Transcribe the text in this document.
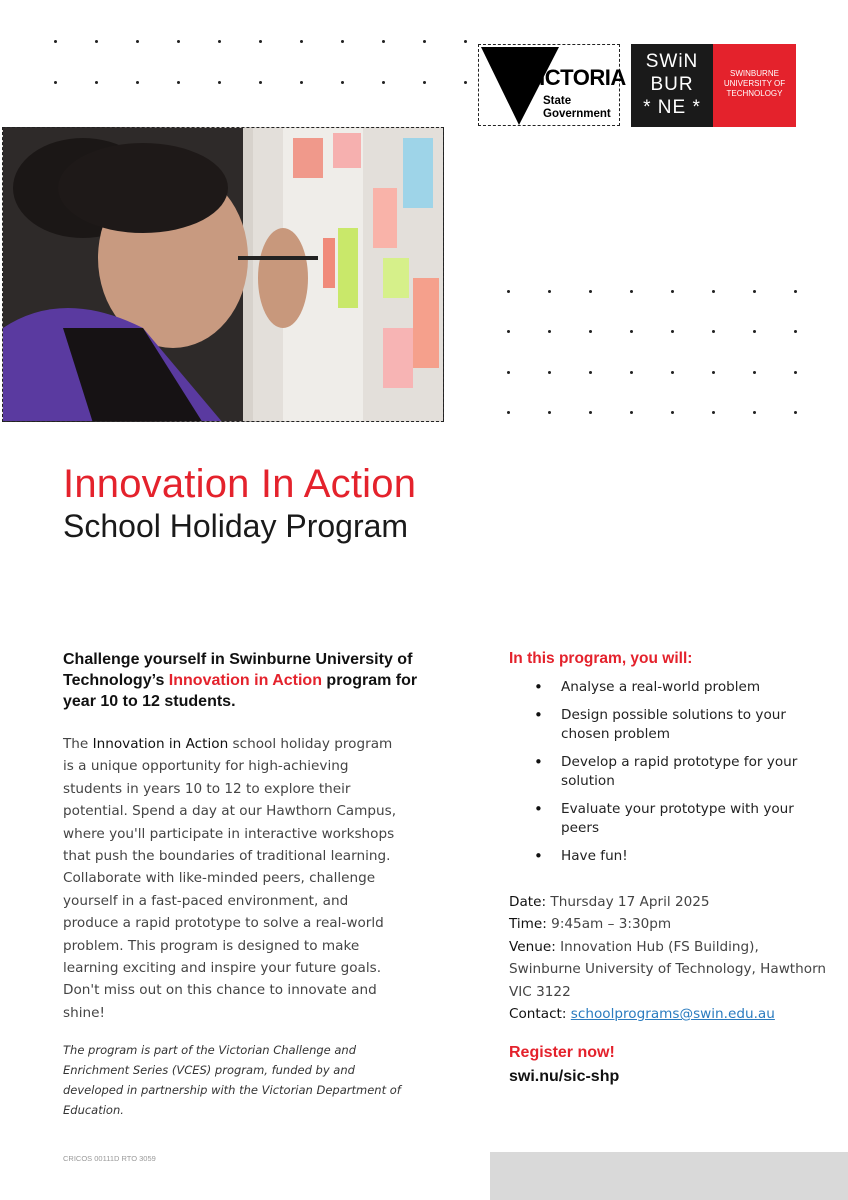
VICTORIA
State
Government
SWiN
BUR
* NE *
SWINBURNE
UNIVERSITY OF
TECHNOLOGY
Innovation In Action
School Holiday Program

Challenge yourself in Swinburne University of Technology’s Innovation in Action program for year 10 to 12 students.

The Innovation in Action school holiday program is a unique opportunity for high-achieving students in years 10 to 12 to explore their potential. Spend a day at our Hawthorn Campus, where you'll participate in interactive workshops that push the boundaries of traditional learning. Collaborate with like-minded peers, challenge yourself in a fast-paced environment, and produce a rapid prototype to solve a real-world problem. This program is designed to make learning exciting and inspire your future goals. Don't miss out on this chance to innovate and shine!

The program is part of the Victorian Challenge and Enrichment Series (VCES) program, funded by and developed in partnership with the Victorian Department of Education.

CRICOS 00111D RTO 3059
In this program, you will:
• Analyse a real-world problem
• Design possible solutions to your chosen problem
• Develop a rapid prototype for your solution
• Evaluate your prototype with your peers
• Have fun!
Date: Thursday 17 April 2025
Time: 9:45am – 3:30pm
Venue: Innovation Hub (FS Building), Swinburne University of Technology, Hawthorn VIC 3122
Contact: schoolprograms@swin.edu.au
Register now!
swi.nu/sic-shp
